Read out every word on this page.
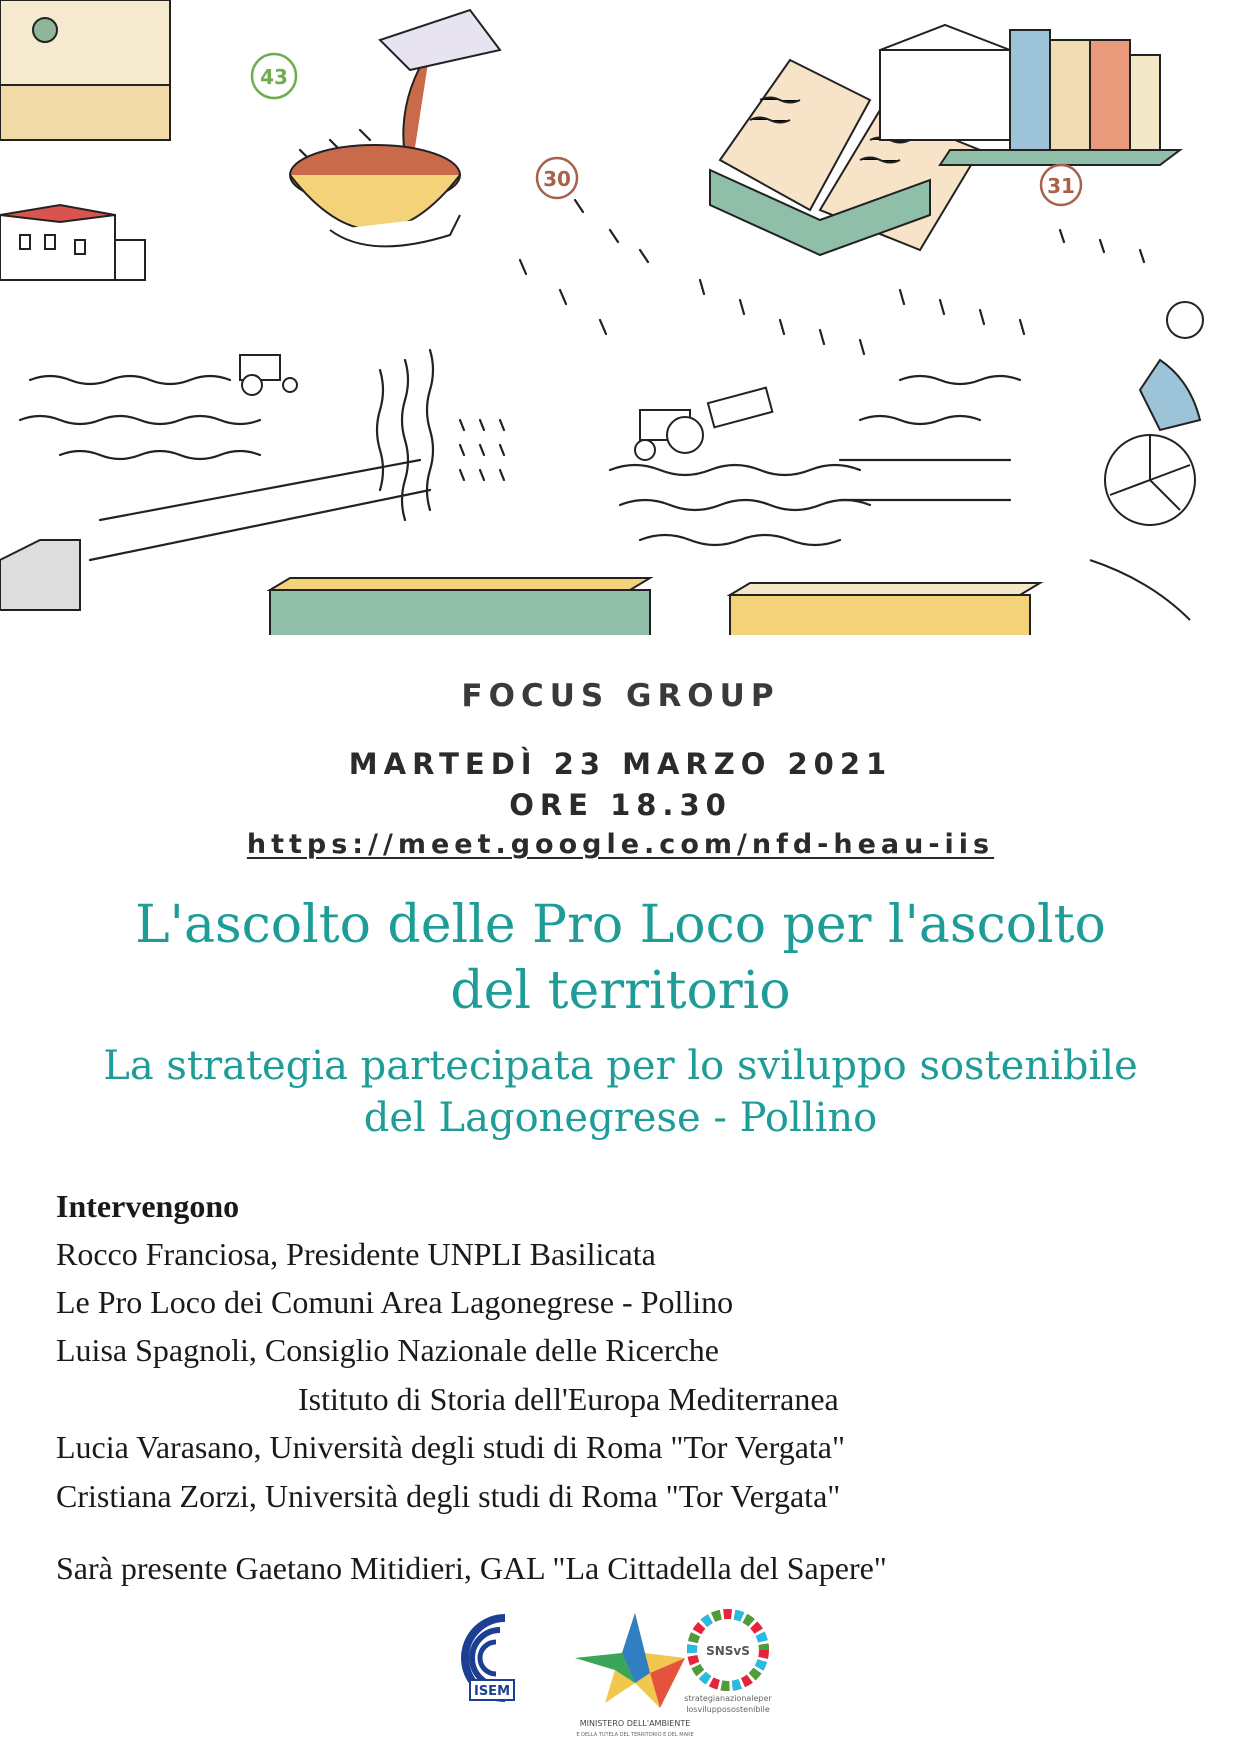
43
30	31
FOCUS GROUP
MARTEDÌ 23 MARZO 2021
ORE 18.30
https://meet.google.com/nfd-heau-iis
L'ascolto delle Pro Loco per l'ascolto
del territorio
La strategia partecipata per lo sviluppo sostenibile
del Lagonegrese - Pollino
Intervengono
Rocco Franciosa, Presidente UNPLI Basilicata
Le Pro Loco dei Comuni Area Lagonegrese - Pollino
Luisa Spagnoli, Consiglio Nazionale delle Ricerche
Istituto di Storia dell'Europa Mediterranea
Lucia Varasano, Università degli studi di Roma "Tor Vergata"
Cristiana Zorzi, Università degli studi di Roma "Tor Vergata"
Sarà presente Gaetano Mitidieri, GAL "La Cittadella del Sapere"
ISEM
MINISTERO DELL'AMBIENTE
E DELLA TUTELA DEL TERRITORIO E DEL MARE
SNSvS
strategianazionaleper
losvilupposostenibile
